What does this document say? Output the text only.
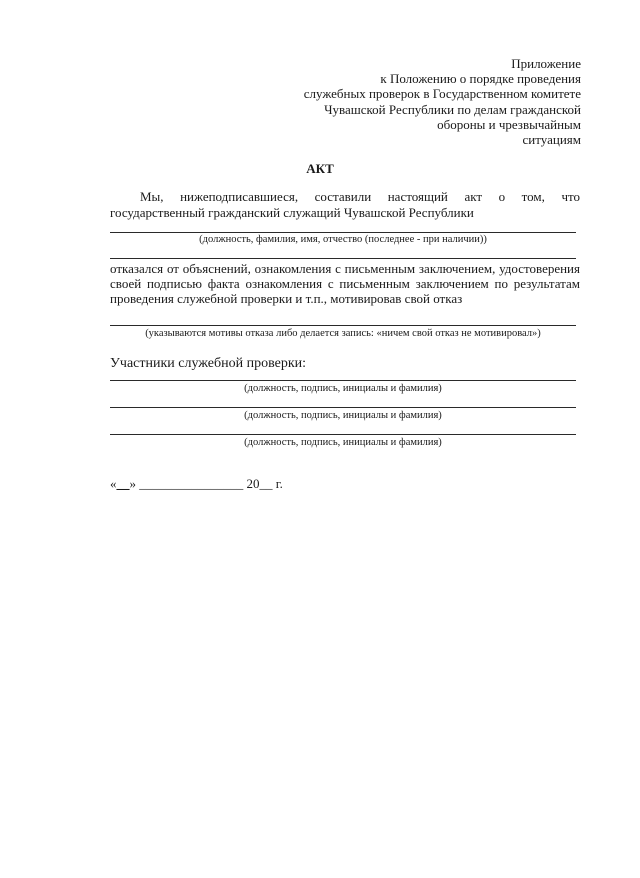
Приложение
к Положению о порядке проведения
служебных проверок в Государственном комитете
Чувашской Республики по делам гражданской
обороны и чрезвычайным
ситуациям
АКТ
Мы, нижеподписавшиеся, составили настоящий акт о том, что
государственный гражданский служащий Чувашской Республики
(должность, фамилия, имя, отчество (последнее - при наличии))
отказался от объяснений, ознакомления с письменным заключением, удостоверения своей подписью факта ознакомления с письменным заключением по результатам проведения служебной проверки и т.п., мотивировав свой отказ
(указываются мотивы отказа либо делается запись: «ничем свой отказ не мотивировал»)
Участники служебной проверки:
(должность, подпись, инициалы и фамилия)
(должность, подпись, инициалы и фамилия)
(должность, подпись, инициалы и фамилия)
«__» ________________ 20__ г.
